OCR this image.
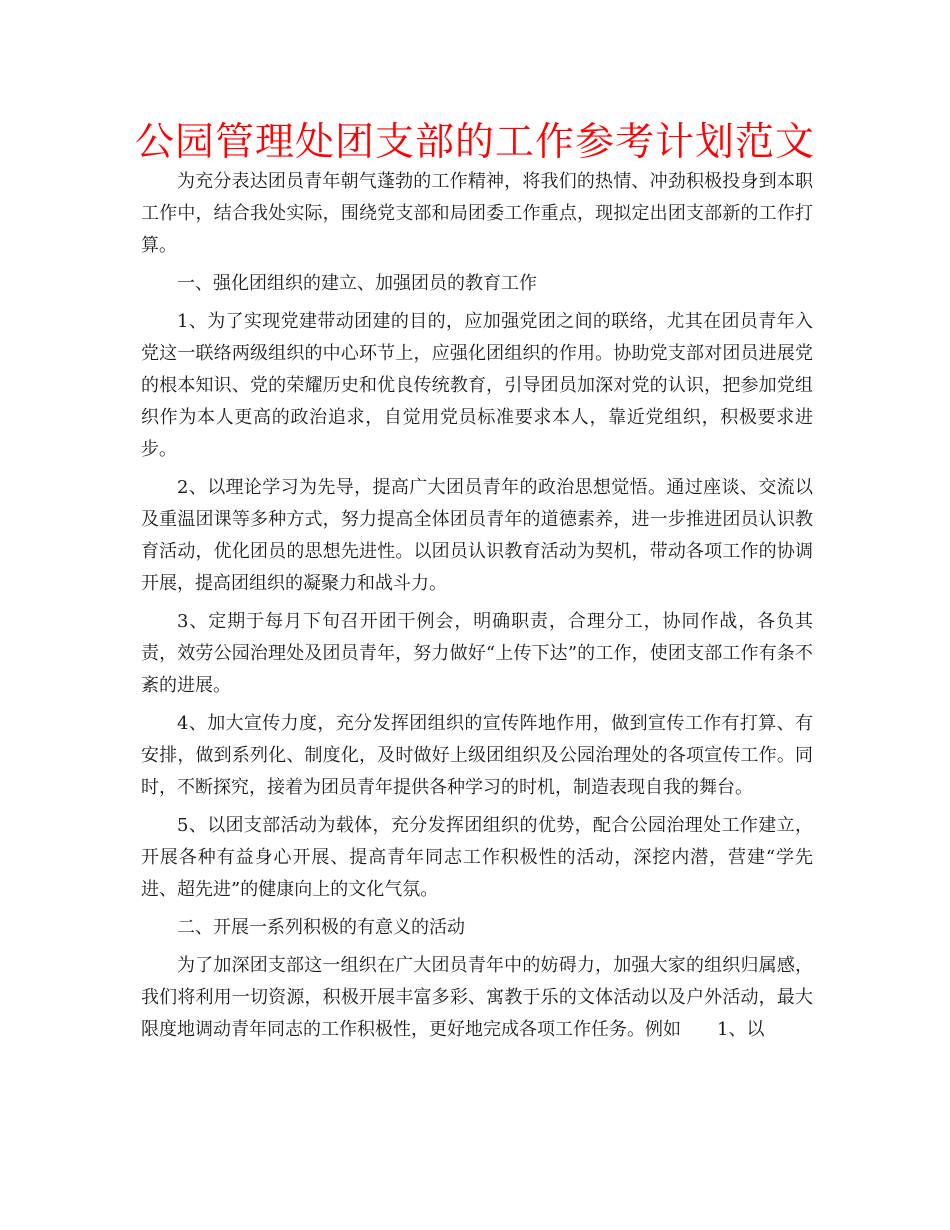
公园管理处团支部的工作参考计划范文

为充分表达团员青年朝气蓬勃的工作精神，将我们的热情、冲劲积极投身到本职工作中，结合我处实际，围绕党支部和局团委工作重点，现拟定出团支部新的工作打算。

一、强化团组织的建立、加强团员的教育工作

1、为了实现党建带动团建的目的，应加强党团之间的联络，尤其在团员青年入党这一联络两级组织的中心环节上，应强化团组织的作用。协助党支部对团员进展党的根本知识、党的荣耀历史和优良传统教育，引导团员加深对党的认识，把参加党组织作为本人更高的政治追求，自觉用党员标准要求本人，靠近党组织，积极要求进步。

2、以理论学习为先导，提高广大团员青年的政治思想觉悟。通过座谈、交流以及重温团课等多种方式，努力提高全体团员青年的道德素养，进一步推进团员认识教育活动，优化团员的思想先进性。以团员认识教育活动为契机，带动各项工作的协调开展，提高团组织的凝聚力和战斗力。

3、定期于每月下旬召开团干例会，明确职责，合理分工，协同作战，各负其责，效劳公园治理处及团员青年，努力做好“上传下达”的工作，使团支部工作有条不紊的进展。

4、加大宣传力度，充分发挥团组织的宣传阵地作用，做到宣传工作有打算、有安排，做到系列化、制度化，及时做好上级团组织及公园治理处的各项宣传工作。同时，不断探究，接着为团员青年提供各种学习的时机，制造表现自我的舞台。

5、以团支部活动为载体，充分发挥团组织的优势，配合公园治理处工作建立，开展各种有益身心开展、提高青年同志工作积极性的活动，深挖内潜，营建“学先进、超先进”的健康向上的文化气氛。

二、开展一系列积极的有意义的活动

为了加深团支部这一组织在广大团员青年中的妨碍力，加强大家的组织归属感，我们将利用一切资源，积极开展丰富多彩、寓教于乐的文体活动以及户外活动，最大限度地调动青年同志的工作积极性，更好地完成各项工作任务。例如　　1、以
